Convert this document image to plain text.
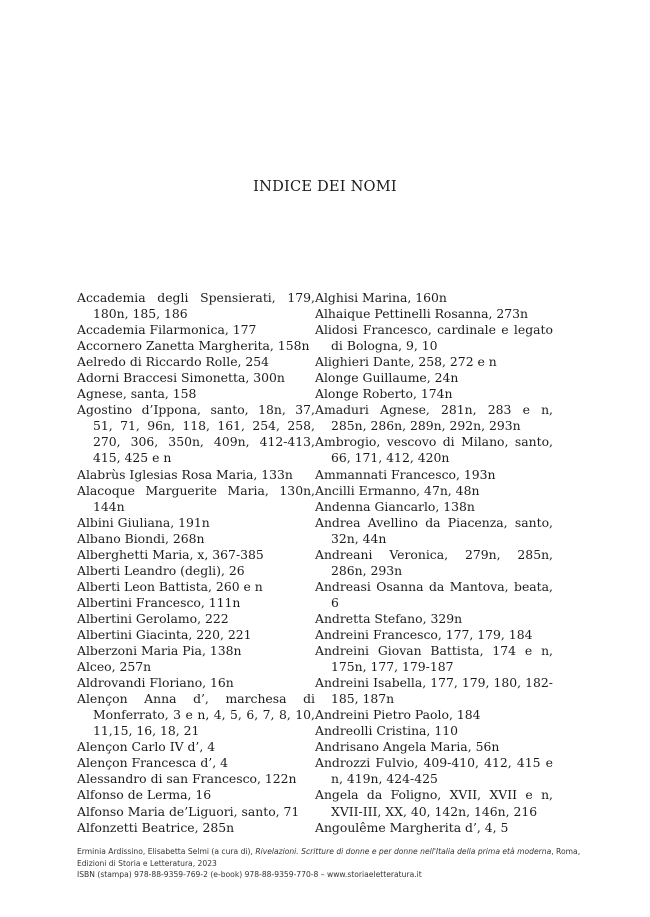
INDICE DEI NOMI
Accademia degli Spensierati, 179, 180n, 185, 186
Accademia Filarmonica, 177
Accornero Zanetta Margherita, 158n
Aelredo di Riccardo Rolle, 254
Adorni Braccesi Simonetta, 300n
Agnese, santa, 158
Agostino d’Ippona, santo, 18n, 37, 51, 71, 96n, 118, 161, 254, 258, 270, 306, 350n, 409n, 412-413, 415, 425 e n
Alabrùs Iglesias Rosa Maria, 133n
Alacoque Marguerite Maria, 130n, 144n
Albini Giuliana, 191n
Albano Biondi, 268n
Alberghetti Maria, x, 367-385
Alberti Leandro (degli), 26
Alberti Leon Battista, 260 e n
Albertini Francesco, 111n
Albertini Gerolamo, 222
Albertini Giacinta, 220, 221
Alberzoni Maria Pia, 138n
Alceo, 257n
Aldrovandi Floriano, 16n
Alençon Anna d’, marchesa di Monferrato, 3 e n, 4, 5, 6, 7, 8, 10, 11,15, 16, 18, 21
Alençon Carlo IV d’, 4
Alençon Francesca d’, 4
Alessandro di san Francesco, 122n
Alfonso de Lerma, 16
Alfonso Maria de’Liguori, santo, 71
Alfonzetti Beatrice, 285n
Alghisi Marina, 160n
Alhaique Pettinelli Rosanna, 273n
Alidosi Francesco, cardinale e legato di Bologna, 9, 10
Alighieri Dante, 258, 272 e n
Alonge Guillaume, 24n
Alonge Roberto, 174n
Amaduri Agnese, 281n, 283 e n, 285n, 286n, 289n, 292n, 293n
Ambrogio, vescovo di Milano, santo, 66, 171, 412, 420n
Ammannati Francesco, 193n
Ancilli Ermanno, 47n, 48n
Andenna Giancarlo, 138n
Andrea Avellino da Piacenza, santo, 32n, 44n
Andreani Veronica, 279n, 285n, 286n, 293n
Andreasi Osanna da Mantova, beata, 6
Andretta Stefano, 329n
Andreini Francesco, 177, 179, 184
Andreini Giovan Battista, 174 e n, 175n, 177, 179-187
Andreini Isabella, 177, 179, 180, 182-185, 187n
Andreini Pietro Paolo, 184
Andreolli Cristina, 110
Andrisano Angela Maria, 56n
Androzzi Fulvio, 409-410, 412, 415 e n, 419n, 424-425
Angela da Foligno, XVII, XVII e n, XVII-III, XX, 40, 142n, 146n, 216
Angoulême Margherita d’, 4, 5
Erminia Ardissino, Elisabetta Selmi (a cura di), Rivelazioni. Scritture di donne e per donne nell'Italia della prima età moderna, Roma,
Edizioni di Storia e Letteratura, 2023
ISBN (stampa) 978-88-9359-769-2 (e-book) 978-88-9359-770-8 – www.storiaeletteratura.it
